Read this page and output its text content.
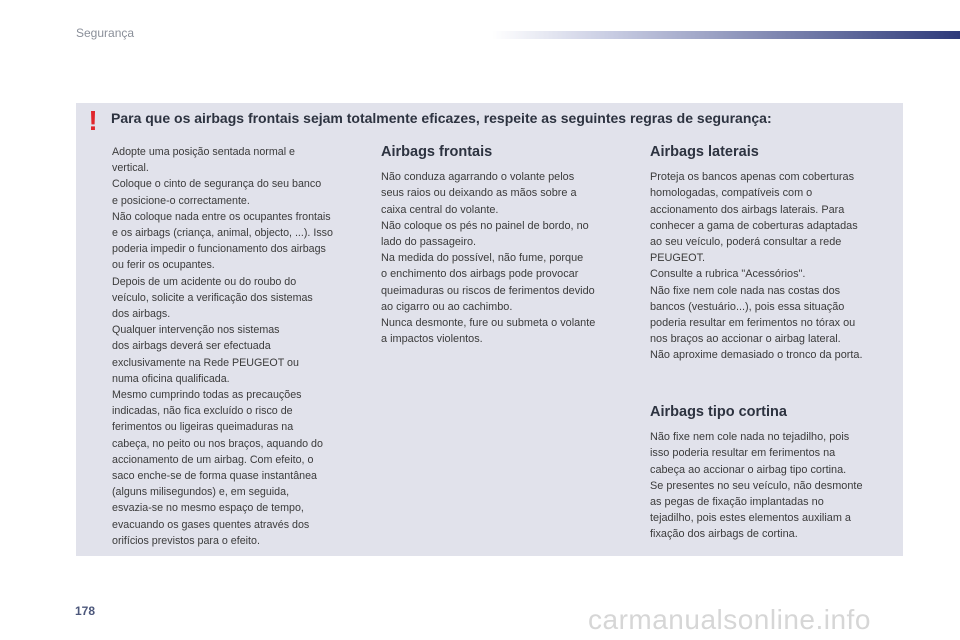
Segurança
! Para que os airbags frontais sejam totalmente eficazes, respeite as seguintes regras de segurança:

Adopte uma posição sentada normal e
vertical.
Coloque o cinto de segurança do seu banco
e posicione-o correctamente.
Não coloque nada entre os ocupantes frontais
e os airbags (criança, animal, objecto, ...). Isso
poderia impedir o funcionamento dos airbags
ou ferir os ocupantes.
Depois de um acidente ou do roubo do
veículo, solicite a verificação dos sistemas
dos airbags.
Qualquer intervenção nos sistemas
dos airbags deverá ser efectuada
exclusivamente na Rede PEUGEOT ou
numa oficina qualificada.
Mesmo cumprindo todas as precauções
indicadas, não fica excluído o risco de
ferimentos ou ligeiras queimaduras na
cabeça, no peito ou nos braços, aquando do
accionamento de um airbag. Com efeito, o
saco enche-se de forma quase instantânea
(alguns milisegundos) e, em seguida,
esvazia-se no mesmo espaço de tempo,
evacuando os gases quentes através dos
orifícios previstos para o efeito.

Airbags frontais

Não conduza agarrando o volante pelos
seus raios ou deixando as mãos sobre a
caixa central do volante.
Não coloque os pés no painel de bordo, no
lado do passageiro.
Na medida do possível, não fume, porque
o enchimento dos airbags pode provocar
queimaduras ou riscos de ferimentos devido
ao cigarro ou ao cachimbo.
Nunca desmonte, fure ou submeta o volante
a impactos violentos.

Airbags laterais

Proteja os bancos apenas com coberturas
homologadas, compatíveis com o
accionamento dos airbags laterais. Para
conhecer a gama de coberturas adaptadas
ao seu veículo, poderá consultar a rede
PEUGEOT.
Consulte a rubrica "Acessórios".
Não fixe nem cole nada nas costas dos
bancos (vestuário...), pois essa situação
poderia resultar em ferimentos no tórax ou
nos braços ao accionar o airbag lateral.
Não aproxime demasiado o tronco da porta.

Airbags tipo cortina

Não fixe nem cole nada no tejadilho, pois
isso poderia resultar em ferimentos na
cabeça ao accionar o airbag tipo cortina.
Se presentes no seu veículo, não desmonte
as pegas de fixação implantadas no
tejadilho, pois estes elementos auxiliam a
fixação dos airbags de cortina.

178	carmanualsonline.info
